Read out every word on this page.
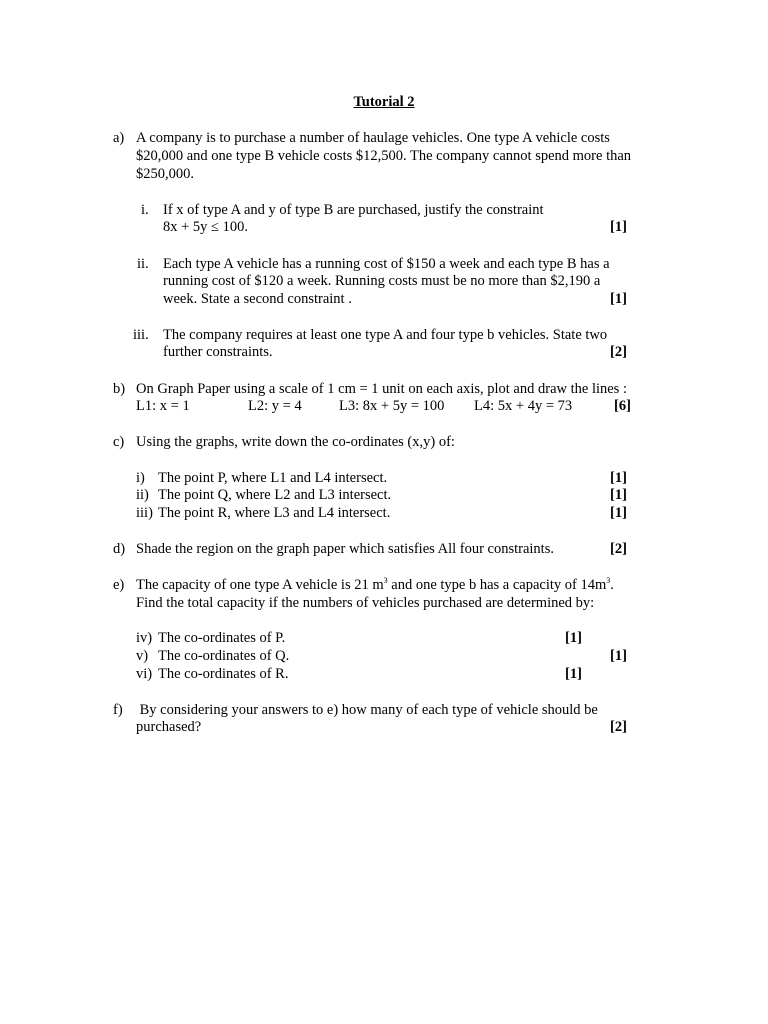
Tutorial 2
a) A company is to purchase a number of haulage vehicles. One type A vehicle costs
$20,000 and one type B vehicle costs $12,500. The company cannot spend more than
$250,000.
i. If x of type A and y of type B are purchased, justify the constraint
8x + 5y ≤ 100.	[1]
ii. Each type A vehicle has a running cost of $150 a week and each type B has a
running cost of $120 a week. Running costs must be no more than $2,190 a
week. State a second constraint .	[1]
iii. The company requires at least one type A and four type b vehicles. State two
further constraints.	[2]
b) On Graph Paper using a scale of 1 cm = 1 unit on each axis, plot and draw the lines :
L1: x = 1	L2: y = 4	L3: 8x + 5y = 100 L4: 5x + 4y = 73	[6]
c) Using the graphs, write down the co-ordinates (x,y) of:
i) The point P, where L1 and L4 intersect.	[1]
ii) The point Q, where L2 and L3 intersect.	[1]
iii) The point R, where L3 and L4 intersect.	[1]
d) Shade the region on the graph paper which satisfies All four constraints.	[2]
e) The capacity of one type A vehicle is 21 $m^3$ and one type b has a capacity of $14m^3$.
Find the total capacity if the numbers of vehicles purchased are determined by:
iv) The co-ordinates of P.	[1]
v) The co-ordinates of Q.	[1]
vi) The co-ordinates of R.	[1]
f) By considering your answers to e) how many of each type of vehicle should be
purchased?	[2]
